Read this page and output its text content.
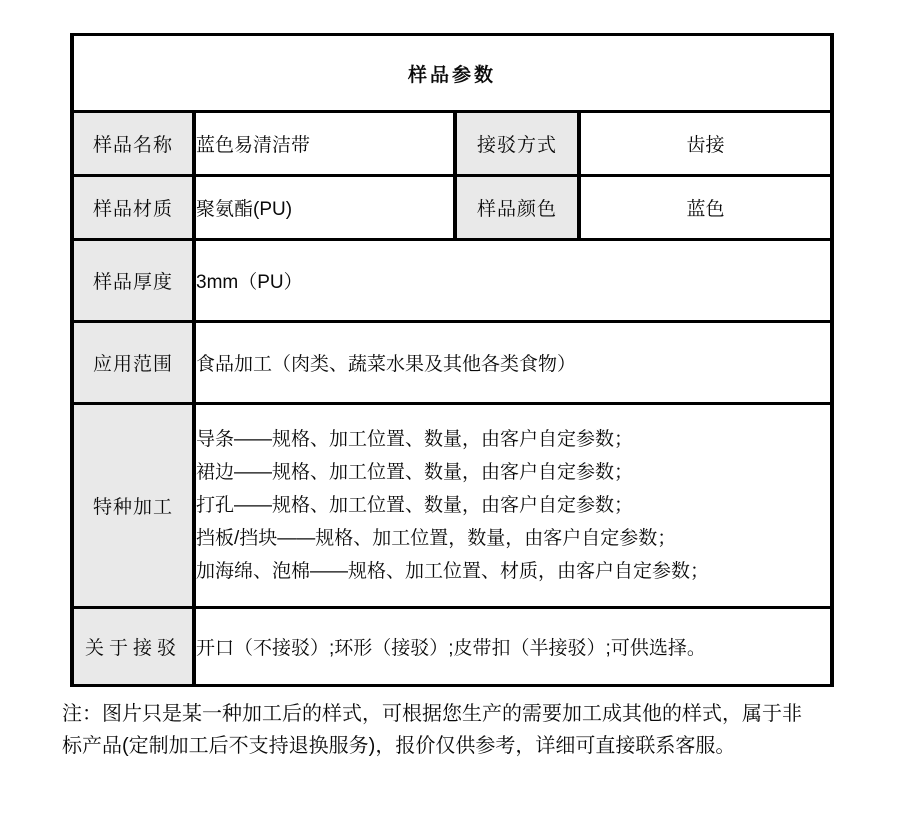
样品参数			
样品名称	蓝色易清洁带	接驳方式	齿接
样品材质	聚氨酯(PU)	样品颜色	蓝色
样品厚度	3mm（PU）		
应用范围	食品加工（肉类、蔬菜水果及其他各类食物）		
特种加工	导条——规格、加工位置、数量，由客户自定参数；
裙边——规格、加工位置、数量，由客户自定参数；
打孔——规格、加工位置、数量，由客户自定参数；
挡板/挡块——规格、加工位置，数量，由客户自定参数；
加海绵、泡棉——规格、加工位置、材质，由客户自定参数；		

关于接驳	开口（不接驳）;环形（接驳）;皮带扣（半接驳）;可供选择。		
注：图片只是某一种加工后的样式，可根据您生产的需要加工成其他的样式，属于非
标产品(定制加工后不支持退换服务)，报价仅供参考，详细可直接联系客服。
